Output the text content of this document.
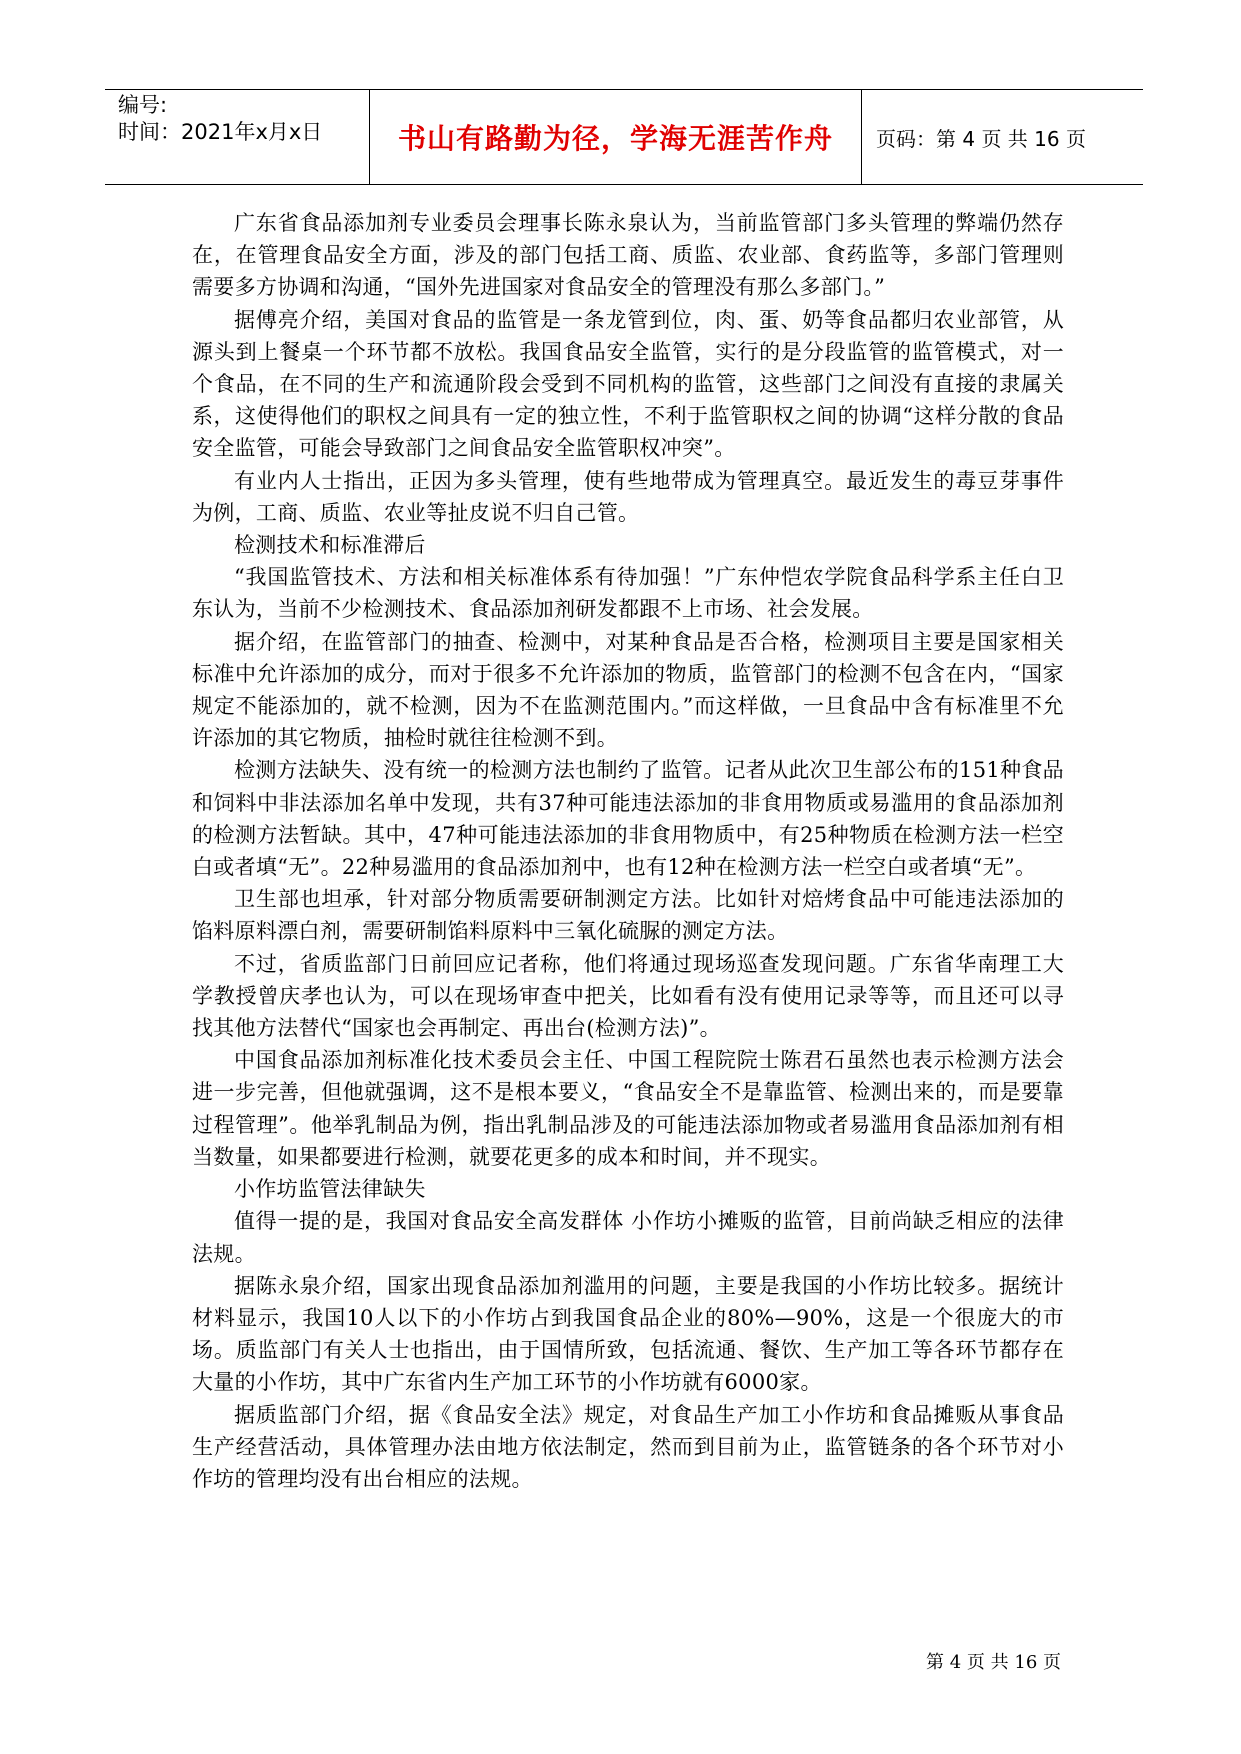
编号:
时间：2021年x月x日	书山有路勤为径，学海无涯苦作舟 页码：第 4 页 共 16 页

广东省食品添加剂专业委员会理事长陈永泉认为，当前监管部门多头管理的弊端仍然存在，在管理食品安全方面，涉及的部门包括工商、质监、农业部、食药监等，多部门管理则需要多方协调和沟通，“国外先进国家对食品安全的管理没有那么多部门。”

据傅亮介绍，美国对食品的监管是一条龙管到位，肉、蛋、奶等食品都归农业部管，从源头到上餐桌一个环节都不放松。我国食品安全监管，实行的是分段监管的监管模式，对一个食品，在不同的生产和流通阶段会受到不同机构的监管，这些部门之间没有直接的隶属关系，这使得他们的职权之间具有一定的独立性，不利于监管职权之间的协调“这样分散的食品安全监管，可能会导致部门之间食品安全监管职权冲突”。

有业内人士指出，正因为多头管理，使有些地带成为管理真空。最近发生的毒豆芽事件为例，工商、质监、农业等扯皮说不归自己管。

检测技术和标准滞后

“我国监管技术、方法和相关标准体系有待加强！”广东仲恺农学院食品科学系主任白卫东认为，当前不少检测技术、食品添加剂研发都跟不上市场、社会发展。

据介绍，在监管部门的抽查、检测中，对某种食品是否合格，检测项目主要是国家相关标准中允许添加的成分，而对于很多不允许添加的物质，监管部门的检测不包含在内，“国家规定不能添加的，就不检测，因为不在监测范围内。”而这样做，一旦食品中含有标准里不允许添加的其它物质，抽检时就往往检测不到。

检测方法缺失、没有统一的检测方法也制约了监管。记者从此次卫生部公布的151种食品和饲料中非法添加名单中发现，共有37种可能违法添加的非食用物质或易滥用的食品添加剂的检测方法暂缺。其中，47种可能违法添加的非食用物质中，有25种物质在检测方法一栏空白或者填“无”。22种易滥用的食品添加剂中，也有12种在检测方法一栏空白或者填“无”。

卫生部也坦承，针对部分物质需要研制测定方法。比如针对焙烤食品中可能违法添加的馅料原料漂白剂，需要研制馅料原料中三氧化硫脲的测定方法。

不过，省质监部门日前回应记者称，他们将通过现场巡查发现问题。广东省华南理工大学教授曾庆孝也认为，可以在现场审查中把关，比如看有没有使用记录等等，而且还可以寻找其他方法替代“国家也会再制定、再出台(检测方法)”。

中国食品添加剂标准化技术委员会主任、中国工程院院士陈君石虽然也表示检测方法会进一步完善，但他就强调，这不是根本要义，“食品安全不是靠监管、检测出来的，而是要靠过程管理”。他举乳制品为例，指出乳制品涉及的可能违法添加物或者易滥用食品添加剂有相当数量，如果都要进行检测，就要花更多的成本和时间，并不现实。

小作坊监管法律缺失

值得一提的是，我国对食品安全高发群体 小作坊小摊贩的监管，目前尚缺乏相应的法律法规。

据陈永泉介绍，国家出现食品添加剂滥用的问题，主要是我国的小作坊比较多。据统计材料显示，我国10人以下的小作坊占到我国食品企业的80%—90%，这是一个很庞大的市场。质监部门有关人士也指出，由于国情所致，包括流通、餐饮、生产加工等各环节都存在大量的小作坊，其中广东省内生产加工环节的小作坊就有6000家。

据质监部门介绍，据《食品安全法》规定，对食品生产加工小作坊和食品摊贩从事食品生产经营活动，具体管理办法由地方依法制定，然而到目前为止，监管链条的各个环节对小作坊的管理均没有出台相应的法规。

第 4 页 共 16 页
